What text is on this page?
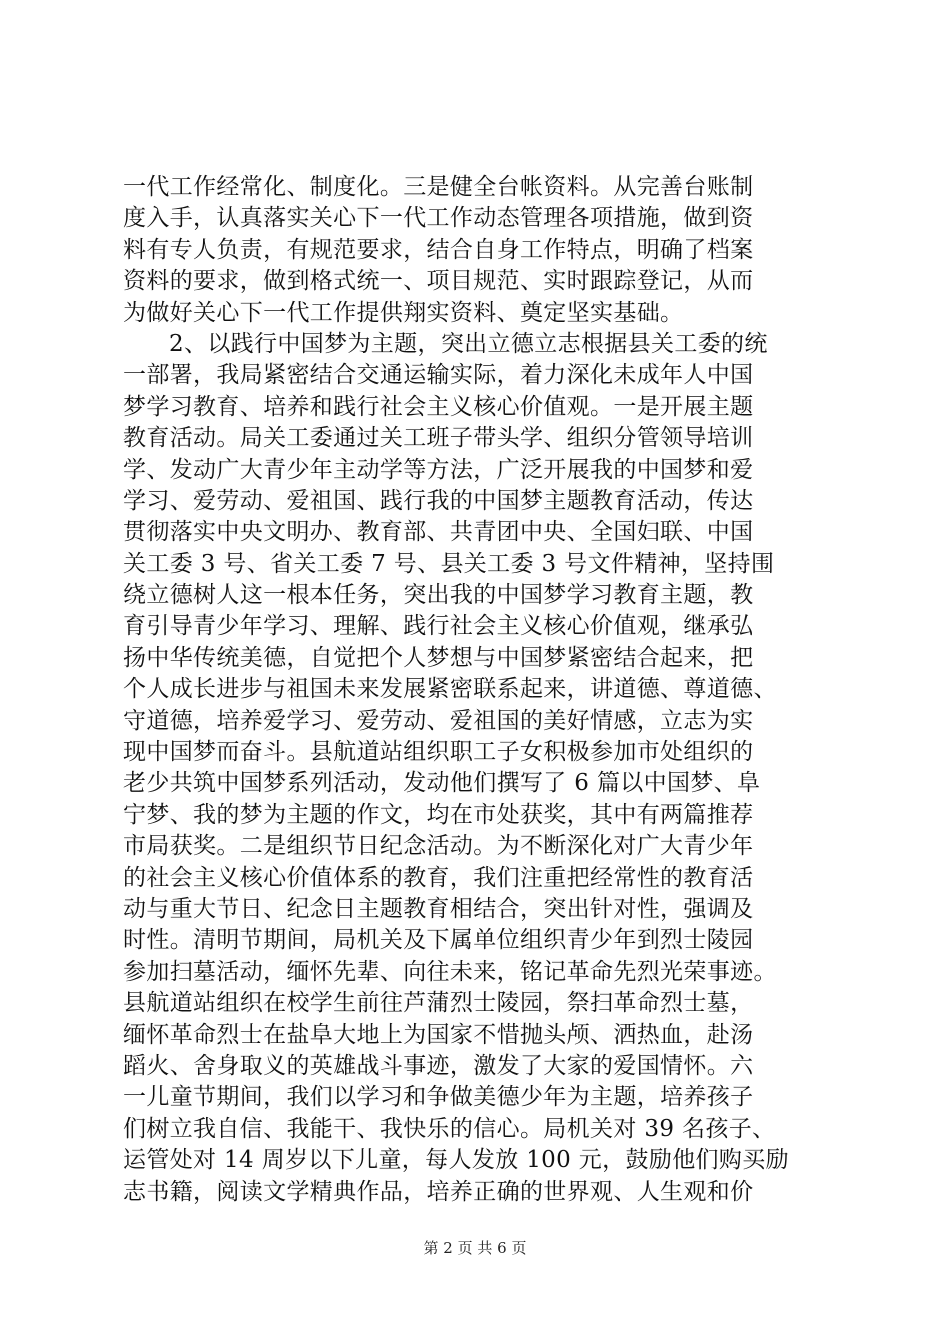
一代工作经常化、制度化。三是健全台帐资料。从完善台账制
度入手，认真落实关心下一代工作动态管理各项措施，做到资
料有专人负责，有规范要求，结合自身工作特点，明确了档案
资料的要求，做到格式统一、项目规范、实时跟踪登记，从而
为做好关心下一代工作提供翔实资料、奠定坚实基础。
2、以践行中国梦为主题，突出立德立志根据县关工委的统
一部署，我局紧密结合交通运输实际，着力深化未成年人中国
梦学习教育、培养和践行社会主义核心价值观。一是开展主题
教育活动。局关工委通过关工班子带头学、组织分管领导培训
学、发动广大青少年主动学等方法，广泛开展我的中国梦和爱
学习、爱劳动、爱祖国、践行我的中国梦主题教育活动，传达
贯彻落实中央文明办、教育部、共青团中央、全国妇联、中国
关工委 3 号、省关工委 7 号、县关工委 3 号文件精神，坚持围
绕立德树人这一根本任务，突出我的中国梦学习教育主题，教
育引导青少年学习、理解、践行社会主义核心价值观，继承弘
扬中华传统美德，自觉把个人梦想与中国梦紧密结合起来，把
个人成长进步与祖国未来发展紧密联系起来，讲道德、尊道德、
守道德，培养爱学习、爱劳动、爱祖国的美好情感，立志为实
现中国梦而奋斗。县航道站组织职工子女积极参加市处组织的
老少共筑中国梦系列活动，发动他们撰写了 6 篇以中国梦、阜
宁梦、我的梦为主题的作文，均在市处获奖，其中有两篇推荐
市局获奖。二是组织节日纪念活动。为不断深化对广大青少年
的社会主义核心价值体系的教育，我们注重把经常性的教育活
动与重大节日、纪念日主题教育相结合，突出针对性，强调及
时性。清明节期间，局机关及下属单位组织青少年到烈士陵园
参加扫墓活动，缅怀先辈、向往未来，铭记革命先烈光荣事迹。
县航道站组织在校学生前往芦蒲烈士陵园，祭扫革命烈士墓，
缅怀革命烈士在盐阜大地上为国家不惜抛头颅、洒热血，赴汤
蹈火、舍身取义的英雄战斗事迹，激发了大家的爱国情怀。六
一儿童节期间，我们以学习和争做美德少年为主题，培养孩子
们树立我自信、我能干、我快乐的信心。局机关对 39 名孩子、
运管处对 14 周岁以下儿童，每人发放 100 元，鼓励他们购买励
志书籍，阅读文学精典作品，培养正确的世界观、人生观和价
第 2 页 共 6 页
